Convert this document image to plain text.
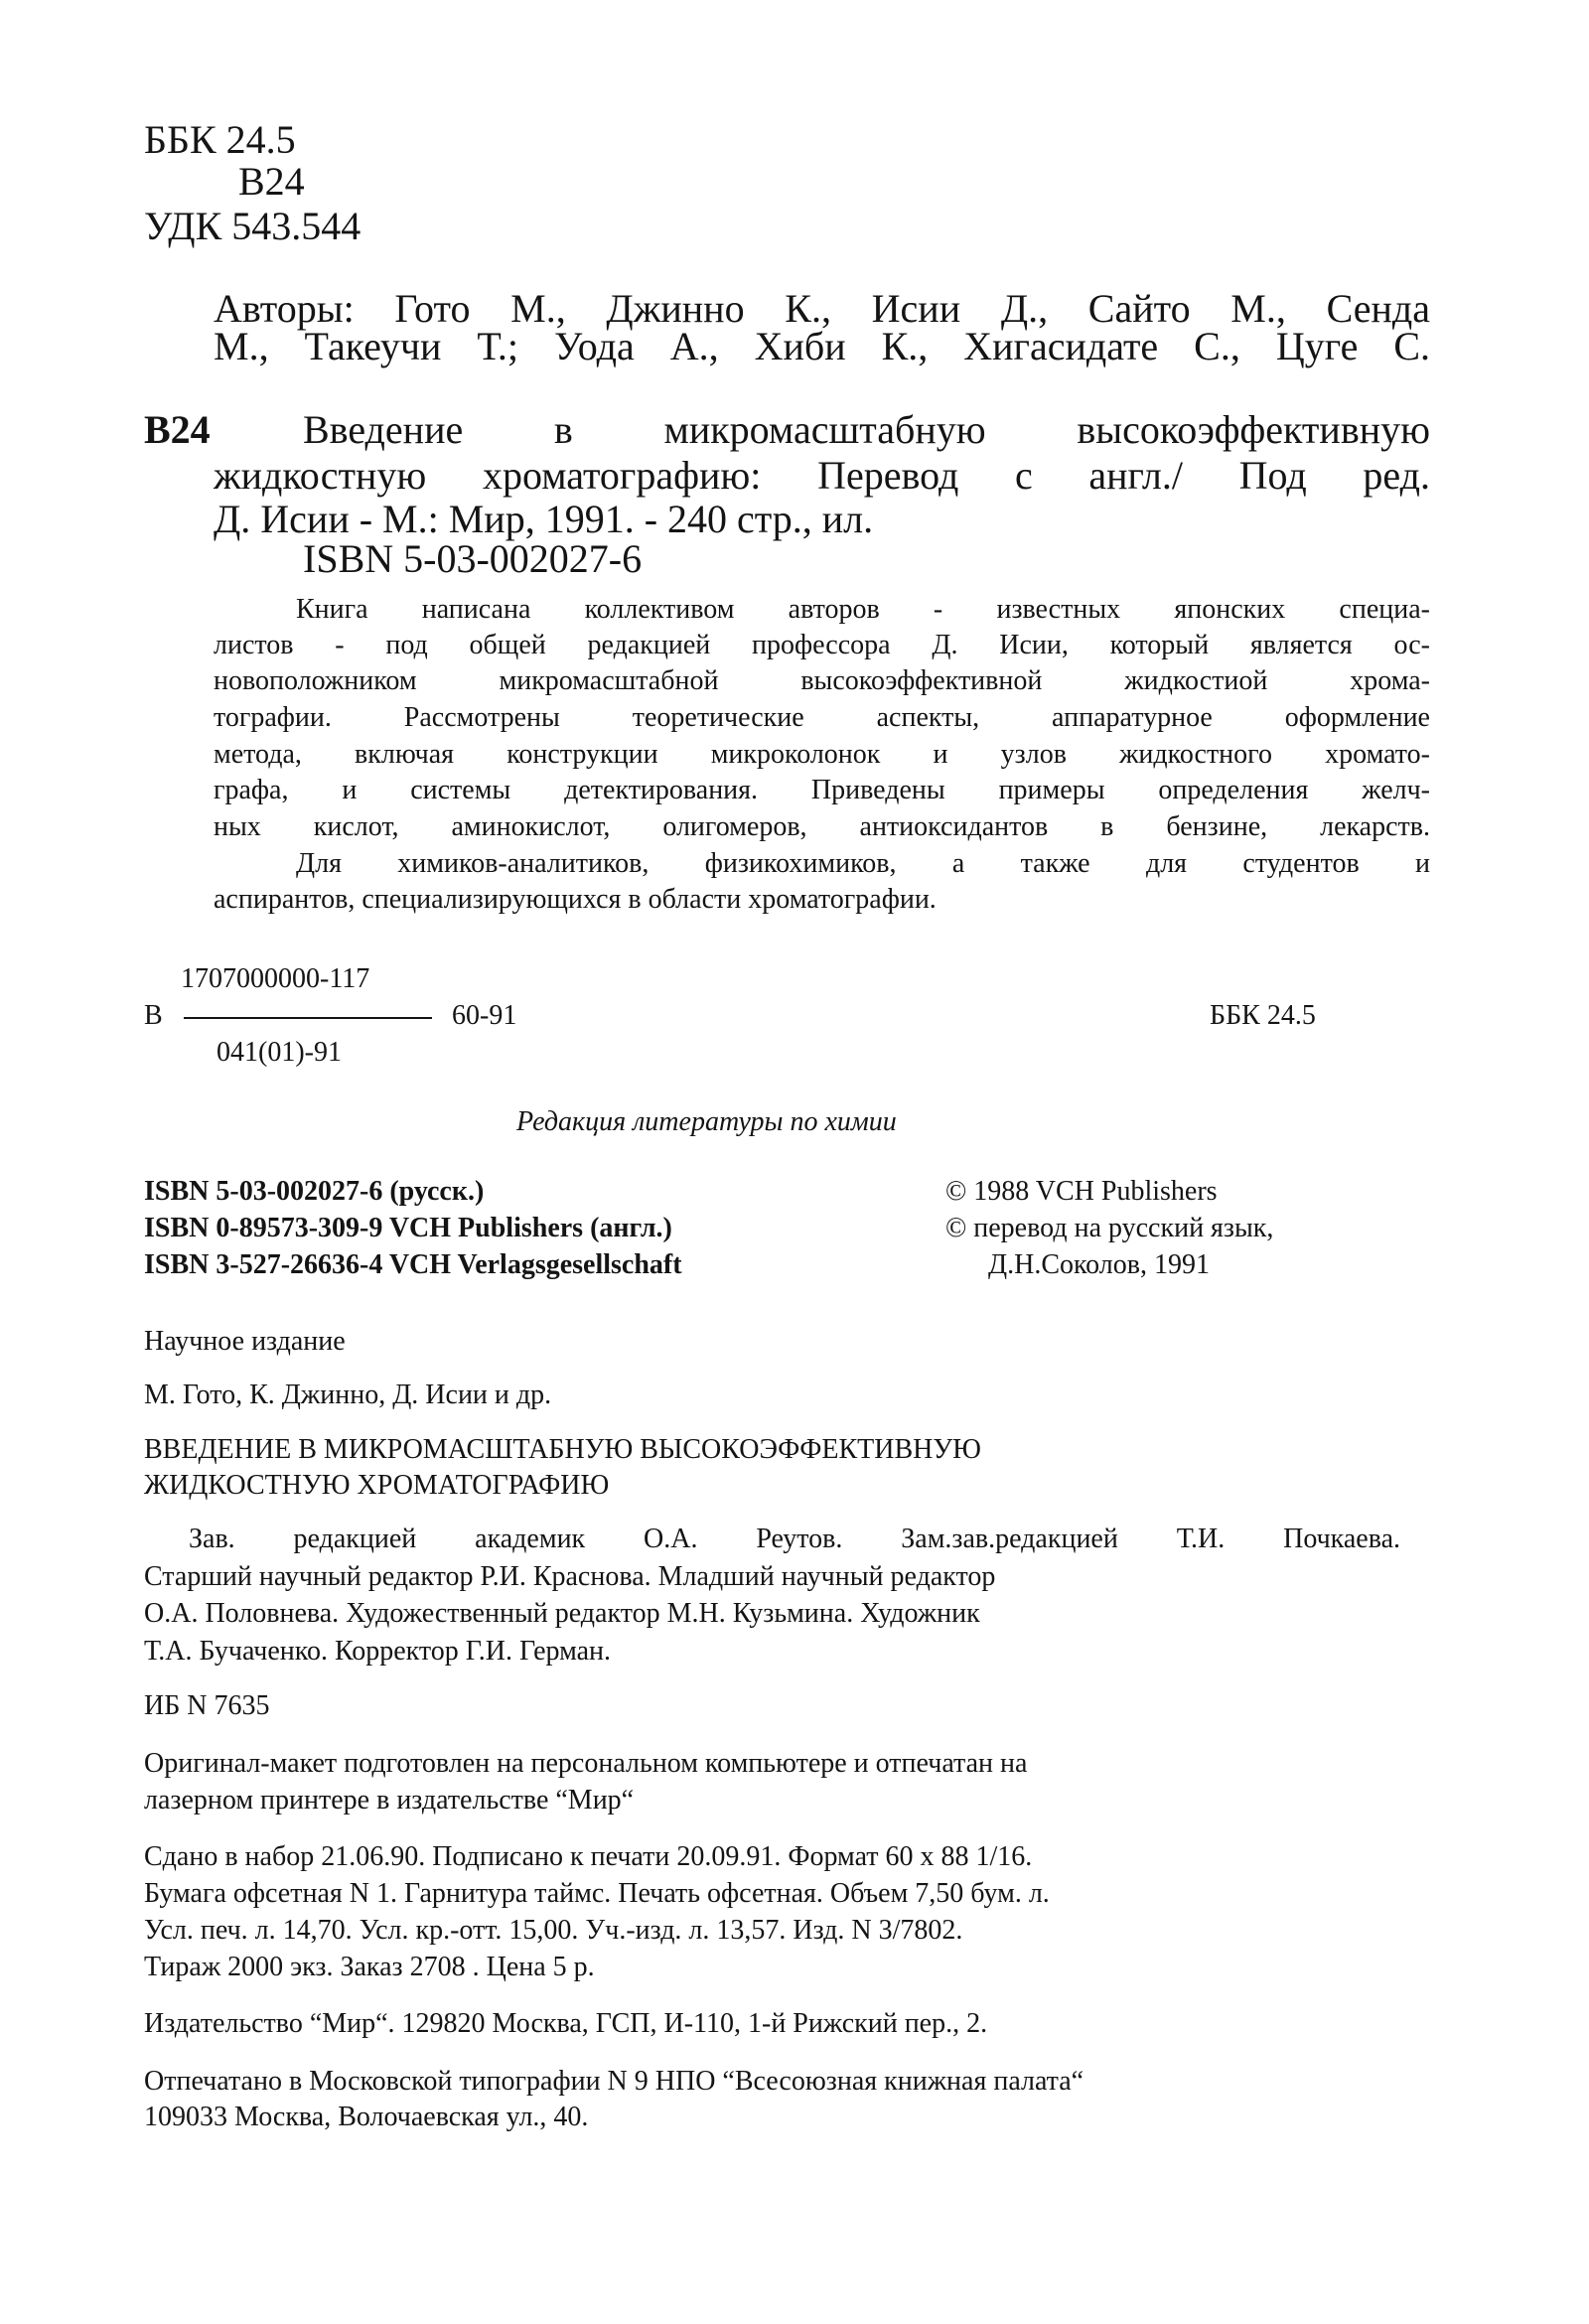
ББК 24.5
В24
УДК 543.544
Авторы: Гото М., Джинно К., Исии Д., Сайто М., Сенда
М., Такеучи Т.; Уода А., Хиби К., Хигасидате С., Цуге С.
В24 Введение в микромасштабную высокоэффективную
жидкостную хроматографию: Перевод с англ./ Под ред.
Д. Исии - М.: Мир, 1991. - 240 стр., ил.
ISBN 5-03-002027-6
Книга написана коллективом авторов - известных японских специа-
листов - под общей редакцией профессора Д. Исии, который является ос-
новоположником микромасштабной высокоэффективной жидкостиой хрома-
тографии. Рассмотрены теоретические аспекты, аппаратурное оформление
метода, включая конструкции микроколонок и узлов жидкостного хромато-
графа, и системы детектирования. Приведены примеры определения желч-
ных кислот, аминокислот, олигомеров, антиоксидантов в бензине, лекарств.
Для химиков-аналитиков, физикохимиков, а также для студентов и
аспирантов, специализирующихся в области хроматографии.
1707000000-117
В	60-91
041(01)-91
ББК 24.5
Редакция литературы по химии
ISBN 5-03-002027-6 (русск.)
ISBN 0-89573-309-9 VCH Publishers (англ.)
ISBN 3-527-26636-4 VCH Verlagsgesellschaft
© 1988 VCH Publishers
© перевод на русский язык,
Д.Н.Соколов, 1991
Научное издание
М. Гото, К. Джинно, Д. Исии и др.
ВВЕДЕНИЕ В МИКРОМАСШТАБНУЮ ВЫСОКОЭФФЕКТИВНУЮ
ЖИДКОСТНУЮ ХРОМАТОГРАФИЮ
Зав. редакцией академик О.А. Реутов. Зам.зав.редакцией Т.И. Почкаева.
Старший научный редактор Р.И. Краснова. Младший научный редактор
О.А. Половнева. Художественный редактор М.Н. Кузьмина. Художник
Т.А. Бучаченко. Корректор Г.И. Герман.
ИБ N 7635
Оригинал-макет подготовлен на персональном компьютере и отпечатан на
лазерном принтере в издательстве “Мир“
Сдано в набор 21.06.90. Подписано к печати 20.09.91. Формат 60 x 88 1/16.
Бумага офсетная N 1. Гарнитура таймс. Печать офсетная. Объем 7,50 бум. л.
Усл. печ. л. 14,70. Усл. кр.-отт. 15,00. Уч.-изд. л. 13,57. Изд. N 3/7802.
Тираж 2000 экз. Заказ 2708 . Цена 5 р.
Издательство “Мир“. 129820 Москва, ГСП, И-110, 1-й Рижский пер., 2.
Отпечатано в Московской типографии N 9 НПО “Всесоюзная книжная палата“
109033 Москва, Волочаевская ул., 40.
